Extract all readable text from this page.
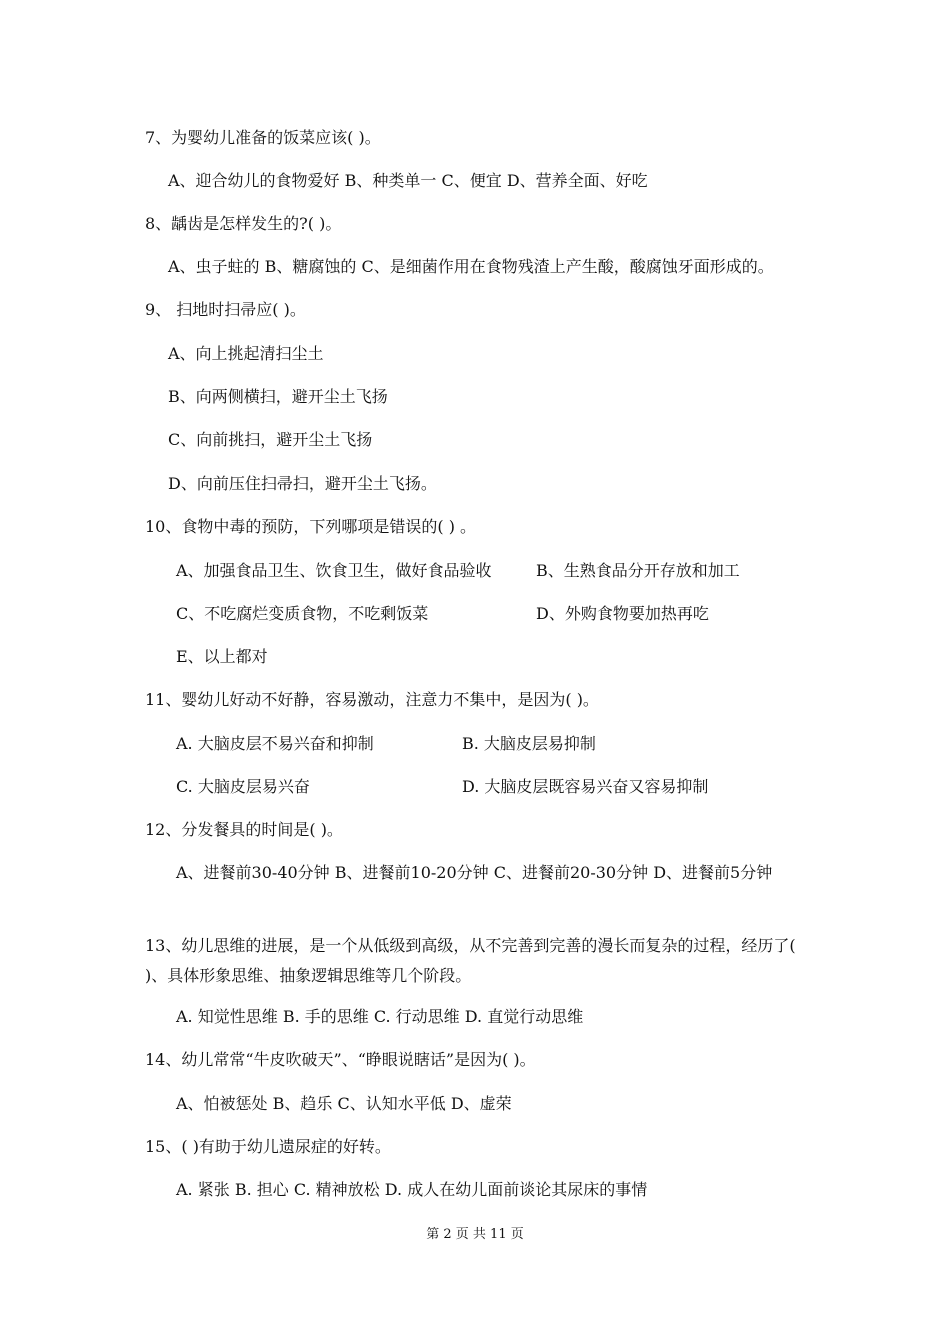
7、为婴幼儿准备的饭菜应该( )。
A、迎合幼儿的食物爱好 B、种类单一 C、便宜 D、营养全面、好吃
8、龋齿是怎样发生的?( )。
A、虫子蛀的 B、糖腐蚀的 C、是细菌作用在食物残渣上产生酸，酸腐蚀牙面形成的。
9、 扫地时扫帚应( )。
A、向上挑起清扫尘土
B、向两侧横扫，避开尘土飞扬
C、向前挑扫，避开尘土飞扬
D、向前压住扫帚扫，避开尘土飞扬。
10、食物中毒的预防，下列哪项是错误的( ) 。
A、加强食品卫生、饮食卫生，做好食品验收	B、生熟食品分开存放和加工
C、不吃腐烂变质食物，不吃剩饭菜	D、外购食物要加热再吃
E、以上都对
11、婴幼儿好动不好静，容易激动，注意力不集中，是因为( )。
A. 大脑皮层不易兴奋和抑制	B. 大脑皮层易抑制
C. 大脑皮层易兴奋	D. 大脑皮层既容易兴奋又容易抑制
12、分发餐具的时间是( )。
A、进餐前30-40分钟 B、进餐前10-20分钟 C、进餐前20-30分钟 D、进餐前5分钟
13、幼儿思维的进展，是一个从低级到高级，从不完善到完善的漫长而复杂的过程，经历了( )、具体形象思维、抽象逻辑思维等几个阶段。
A. 知觉性思维 B. 手的思维 C. 行动思维 D. 直觉行动思维
14、幼儿常常“牛皮吹破天”、“睁眼说瞎话”是因为( )。
A、怕被惩处 B、趋乐 C、认知水平低 D、虚荣
15、( )有助于幼儿遗尿症的好转。
A. 紧张 B. 担心 C. 精神放松 D. 成人在幼儿面前谈论其尿床的事情
第 2 页 共 11 页
